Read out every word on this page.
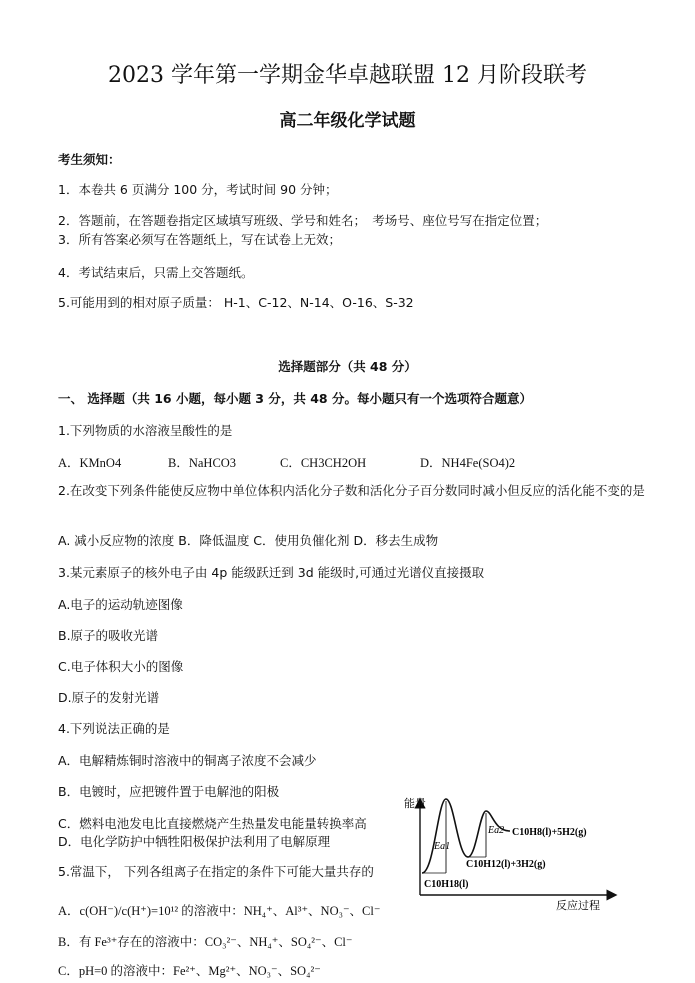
2023 学年第一学期金华卓越联盟 12 月阶段联考
高二年级化学试题
考生须知：
1．本卷共 6 页满分 100 分，考试时间 90 分钟；
2．答题前，在答题卷指定区域填写班级、学号和姓名；　考场号、座位号写在指定位置；
3．所有答案必须写在答题纸上，写在试卷上无效；
4．考试结束后，只需上交答题纸。
5.可能用到的相对原子质量： H-1、C-12、N-14、O-16、S-32
选择题部分（共 48 分）
一、 选择题（共 16 小题，每小题 3 分，共 48 分。每小题只有一个选项符合题意）
1.下列物质的水溶液呈酸性的是
A．KMnO4	B．NaHCO3	C．CH3CH2OH	D．NH4Fe(SO4)2
2.在改变下列条件能使反应物中单位体积内活化分子数和活化分子百分数同时减小但反应的活化能不变的是
A. 减小反应物的浓度 B．降低温度 C．使用负催化剂 D．移去生成物
3.某元素原子的核外电子由 4p 能级跃迁到 3d 能级时,可通过光谱仪直接摄取
A.电子的运动轨迹图像
B.原子的吸收光谱
C.电子体积大小的图像
D.原子的发射光谱
4.下列说法正确的是
A．电解精炼铜时溶液中的铜离子浓度不会减少
B．电镀时，应把镀件置于电解池的阳极
C．燃料电池发电比直接燃烧产生热量发电能量转换率高
D．电化学防护中牺牲阳极保护法利用了电解原理
5.常温下， 下列各组离子在指定的条件下可能大量共存的
A．c(OH⁻)/c(H⁺)=10¹² 的溶液中：NH₄⁺、Al³⁺、NO₃⁻、Cl⁻
B．有 Fe³⁺存在的溶液中：CO₃²⁻、NH₄⁺、SO₄²⁻、Cl⁻
C．pH=0 的溶液中：Fe²⁺、Mg²⁺、NO₃⁻、SO₄²⁻
能量
Ea1
Ea2 C10H8(l)+5H2(g)
C10H12(l)+3H2(g)
C10H18(l)
反应过程
